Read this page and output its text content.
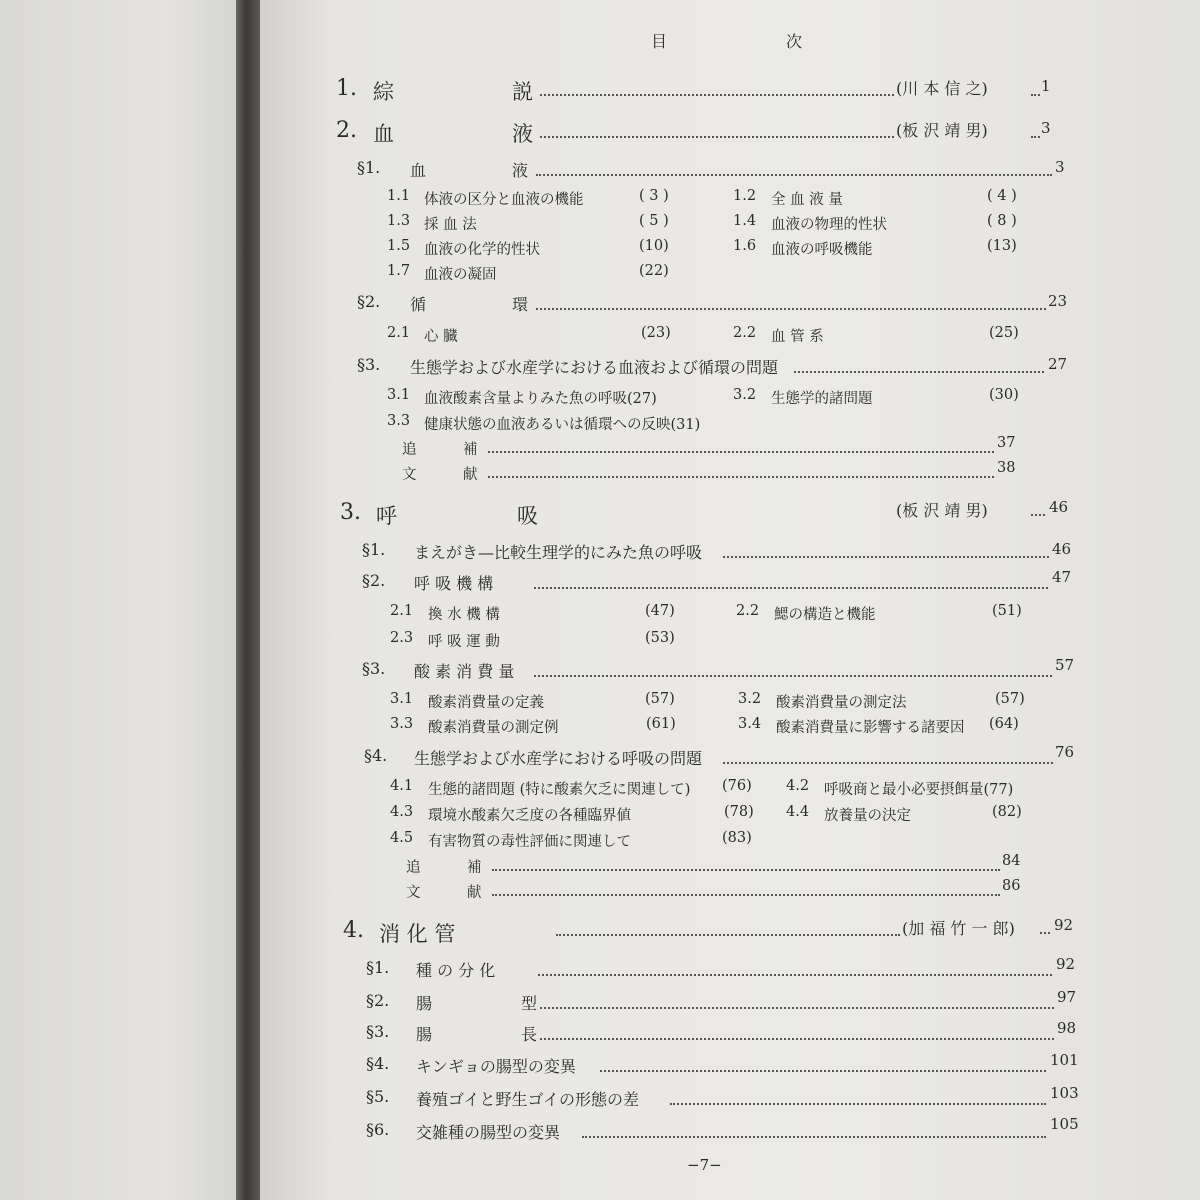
目	次
1. 綜	説	(川 本 信 之)	1
2. 血	液	(板 沢 靖 男)	3
§1. 血	液	3
1.1 体液の区分と血液の機能	( 3 )	1.2 全 血 液 量	( 4 )
1.3 採 血 法	( 5 )	1.4 血液の物理的性状	( 8 )
1.5 血液の化学的性状	(10)	1.6 血液の呼吸機能	(13)
1.7 血液の凝固	(22)
§2. 循	環	23
2.1 心 臓	(23)	2.2 血 管 系	(25)
§3. 生態学および水産学における血液および循環の問題	27
3.1 血液酸素含量よりみた魚の呼吸(27)	3.2 生態学的諸問題	(30)
3.3 健康状態の血液あるいは循環への反映(31)
追	補	37
文	献	38
3. 呼	吸	(板 沢 靖 男)	46
§1. まえがき—比較生理学的にみた魚の呼吸	46
§2. 呼 吸 機 構	47
2.1 換 水 機 構	(47)	2.2 鰓の構造と機能	(51)
2.3 呼 吸 運 動	(53)
§3. 酸 素 消 費 量	57
3.1 酸素消費量の定義	(57)	3.2 酸素消費量の測定法	(57)
3.3 酸素消費量の測定例	(61)	3.4 酸素消費量に影響する諸要因 (64)
§4. 生態学および水産学における呼吸の問題	76
4.1 生態的諸問題 (特に酸素欠乏に関連して) (76) 4.2 呼吸商と最小必要摂餌量(77)
4.3 環境水酸素欠乏度の各種臨界値	(78) 4.4 放養量の決定	(82)
4.5 有害物質の毒性評価に関連して	(83)
追	補	84
文	献	86
4. 消 化 管	(加 福 竹 一 郎)	92
§1. 種 の 分 化	92
§2. 腸	型	97
§3. 腸	長	98
§4. キンギョの腸型の変異	101
§5. 養殖ゴイと野生ゴイの形態の差	103
§6. 交雑種の腸型の変異	105
−7−
